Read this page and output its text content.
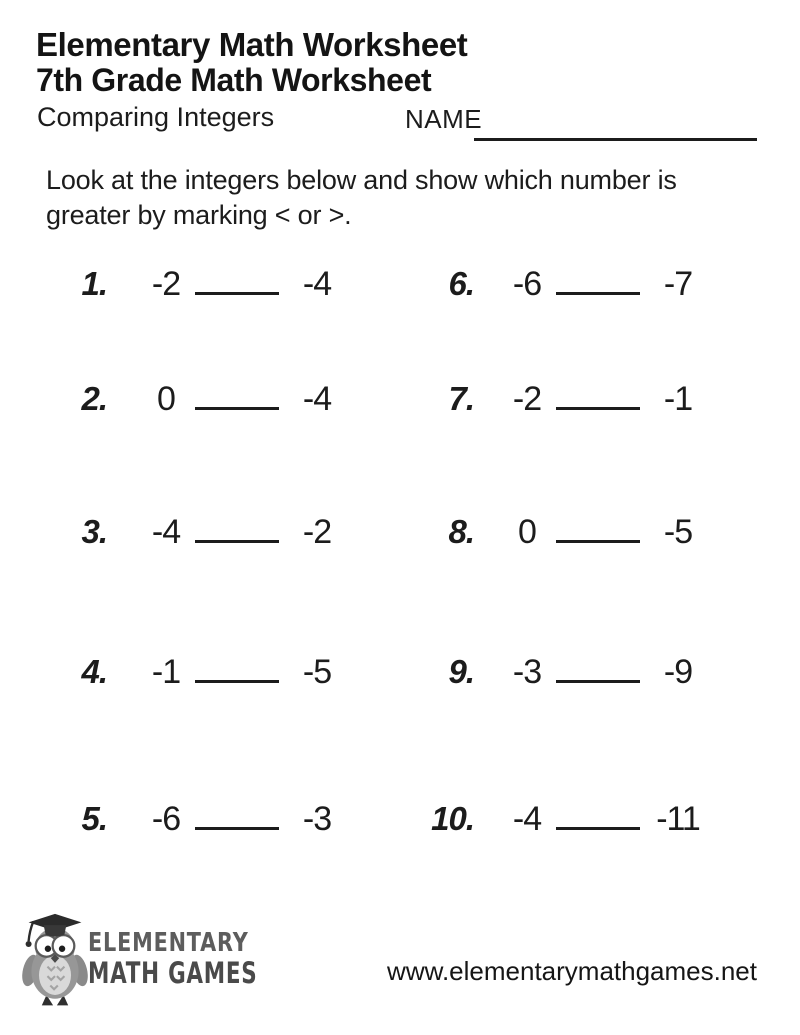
Elementary Math Worksheet
7th Grade Math Worksheet
Comparing Integers	NAME
Look at the integers below and show which number is
greater by marking < or >.
1. -2	-4
2.	0	-4
3. -4	-2
4. -1	-5
5. -6	-3
6. -6	-7
7. -2	-1
8.	0	-5
9. -3	-9
10. -4	-11
ELEMENTARY
MATH GAMES	www.elementarymathgames.net
